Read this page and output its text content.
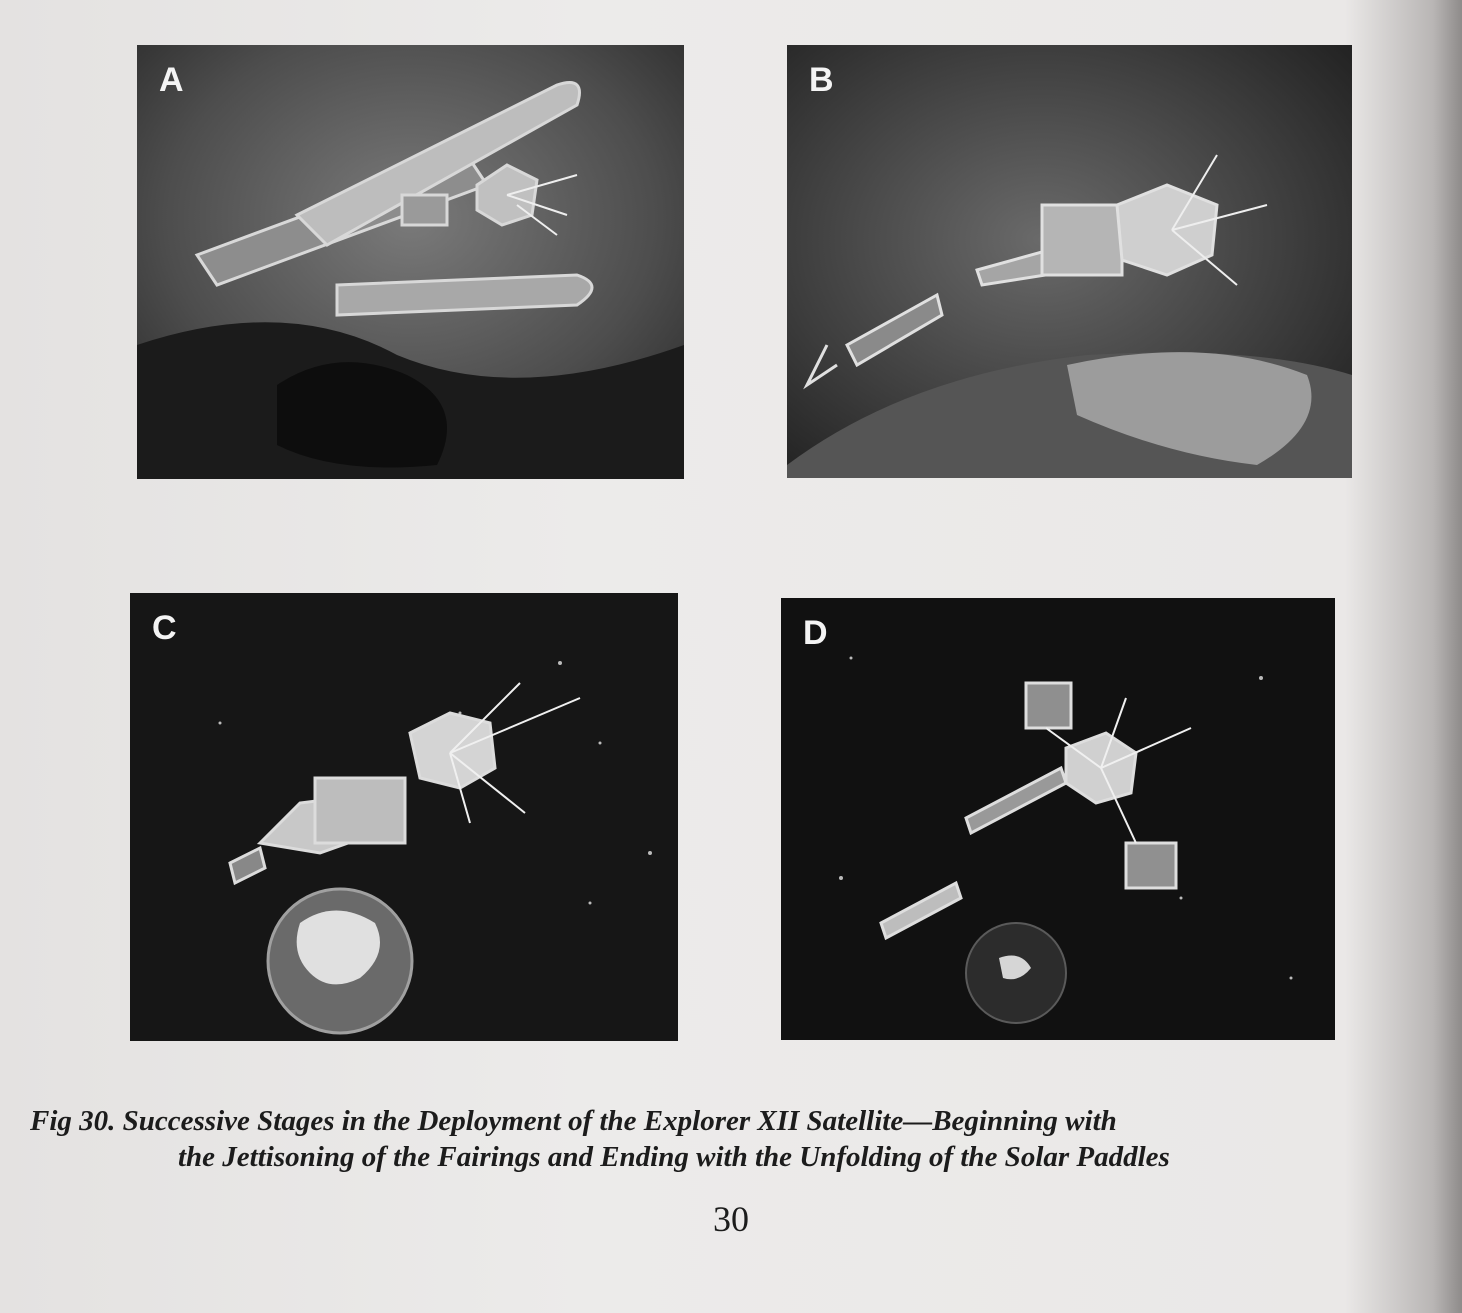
A	B
C	D
Fig 30. Successive Stages in the Deployment of the Explorer XII Satellite—Beginning with
the Jettisoning of the Fairings and Ending with the Unfolding of the Solar Paddles
30
